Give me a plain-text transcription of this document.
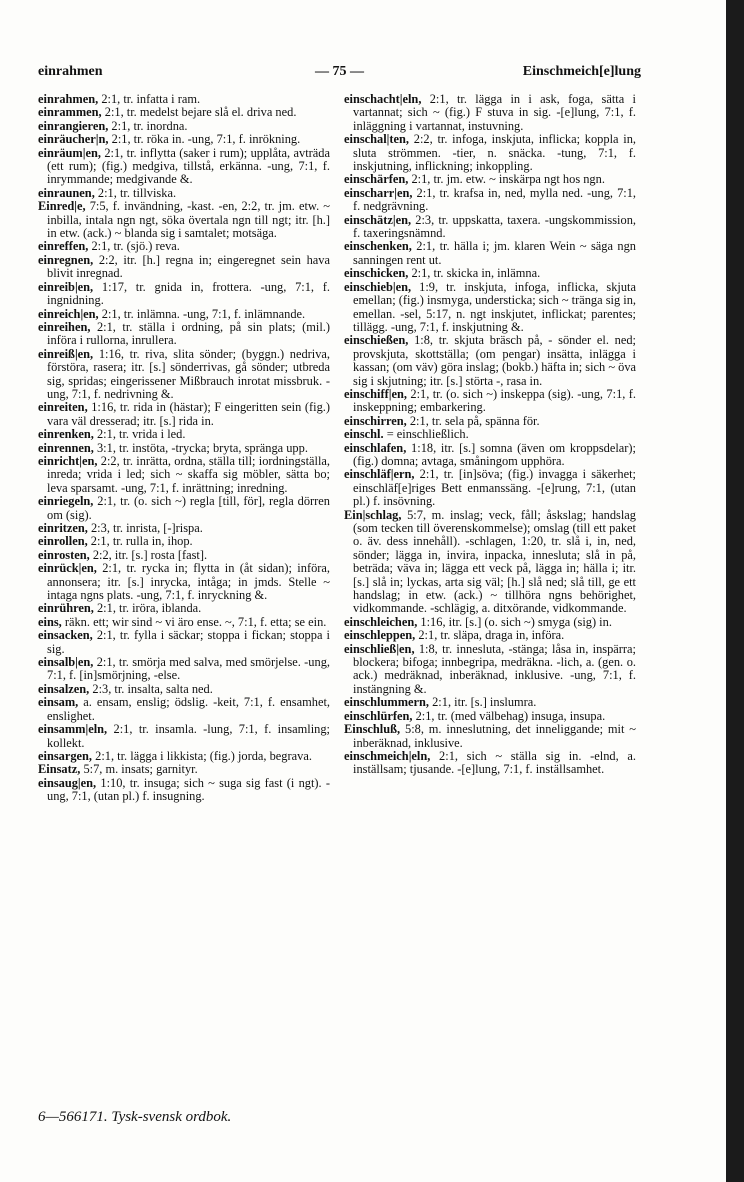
einrahmen	— 75 —	Einschmeich[e]lung
einrahmen, 2:1, tr. infatta i ram.
einrammen, 2:1, tr. medelst bejare slå el. driva ned.
einrangieren, 2:1, tr. inordna.
einräucher|n, 2:1, tr. röka in. -ung, 7:1, f. inrökning.
einräum|en, 2:1, tr. inflytta (saker i rum); upplåta, avträda (ett rum); (fig.) medgiva, tillstå, erkänna. -ung, 7:1, f. inrymmande; medgivande &.
einraunen, 2:1, tr. tillviska.
Einred|e, 7:5, f. invändning, -kast. -en, 2:2, tr. jm. etw. ~ inbilla, intala ngn ngt, söka övertala ngn till ngt; itr. [h.] in etw. (ack.) ~ blanda sig i samtalet; motsäga.
einreffen, 2:1, tr. (sjö.) reva.
einregnen, 2:2, itr. [h.] regna in; eingeregnet sein hava blivit inregnad.
einreib|en, 1:17, tr. gnida in, frottera. -ung, 7:1, f. ingnidning.
einreich|en, 2:1, tr. inlämna. -ung, 7:1, f. inlämnande.
einreihen, 2:1, tr. ställa i ordning, på sin plats; (mil.) införa i rullorna, inrullera.
einreiß|en, 1:16, tr. riva, slita sönder; (byggn.) nedriva, förstöra, rasera; itr. [s.] sönderrivas, gå sönder; utbreda sig, spridas; eingerissener Mißbrauch inrotat missbruk. -ung, 7:1, f. nedrivning &.
einreiten, 1:16, tr. rida in (hästar); F eingeritten sein (fig.) vara väl dresserad; itr. [s.] rida in.
einrenken, 2:1, tr. vrida i led.
einrennen, 3:1, tr. instöta, -trycka; bryta, spränga upp.
einricht|en, 2:2, tr. inrätta, ordna, ställa till; iordningställa, inreda; vrida i led; sich ~ skaffa sig möbler, sätta bo; leva sparsamt. -ung, 7:1, f. inrättning; inredning.
einriegeln, 2:1, tr. (o. sich ~) regla [till, för], regla dörren om (sig).
einritzen, 2:3, tr. inrista, [-]rispa.
einrollen, 2:1, tr. rulla in, ihop.
einrosten, 2:2, itr. [s.] rosta [fast].
einrück|en, 2:1, tr. rycka in; flytta in (åt sidan); införa, annonsera; itr. [s.] inryckа, intåga; in jmds. Stelle ~ intaga ngns plats. -ung, 7:1, f. inryckning &.
einrühren, 2:1, tr. iröra, iblanda.
eins, räkn. ett; wir sind ~ vi äro ense. ~, 7:1, f. etta; se ein.
einsacken, 2:1, tr. fylla i säckar; stoppa i fickan; stoppa i sig.
einsalb|en, 2:1, tr. smörja med salva, med smörjelse. -ung, 7:1, f. [in]smörjning, -else.
einsalzen, 2:3, tr. insalta, salta ned.
einsam, a. ensam, enslig; ödslig. -keit, 7:1, f. ensamhet, enslighet.
einsamm|eln, 2:1, tr. insamla. -lung, 7:1, f. insamling; kollekt.
einsargen, 2:1, tr. lägga i likkista; (fig.) jorda, begrava.
Einsatz, 5:7, m. insats; garnityr.
einsaug|en, 1:10, tr. insuga; sich ~ suga sig fast (i ngt). -ung, 7:1, (utan pl.) f. insugning.
einschacht|eln, 2:1, tr. lägga in i ask, foga, sätta i vartannat; sich ~ (fig.) F stuva in sig. -[e]lung, 7:1, f. inläggning i vartannat, instuvning.
einschal|ten, 2:2, tr. infoga, inskjuta, inflicka; koppla in, sluta strömmen. -tier, n. snäcka. -tung, 7:1, f. inskjutning, inflickning; inkoppling.
einschärfen, 2:1, tr. jm. etw. ~ inskärpa ngt hos ngn.
einscharr|en, 2:1, tr. krafsa in, ned, myllа ned. -ung, 7:1, f. nedgrävning.
einschätz|en, 2:3, tr. uppskatta, taxera. -ungskommission, f. taxeringsnämnd.
einschenken, 2:1, tr. hälla i; jm. klaren Wein ~ säga ngn sanningen rent ut.
einschicken, 2:1, tr. skicka in, inlämna.
einschieb|en, 1:9, tr. inskjuta, infoga, inflicka, skjuta emellan; (fig.) insmyga, understicka; sich ~ tränga sig in, emellan. -sel, 5:17, n. ngt inskjutet, inflickat; parentes; tillägg. -ung, 7:1, f. inskjutning &.
einschießen, 1:8, tr. skjuta bräsch på, - sönder el. ned; provskjuta, skottställa; (om pengar) insätta, inlägga i kassan; (om väv) göra inslag; (bokb.) häfta in; sich ~ öva sig i skjutning; itr. [s.] störta -, rasa in.
einschiff|en, 2:1, tr. (o. sich ~) inskeppa (sig). -ung, 7:1, f. inskeppning; embarkering.
einschirren, 2:1, tr. sela på, spänna för.
einschl. = einschließlich.
einschlafen, 1:18, itr. [s.] somna (även om kroppsdelar); (fig.) domna; avtaga, småningom upphöra.
einschläf|ern, 2:1, tr. [in]söva; (fig.) invagga i säkerhet; einschläf[e]riges Bett enmanssäng. -[e]rung, 7:1, (utan pl.) f. insövning.
Ein|schlag, 5:7, m. inslag; veck, fåll; åskslag; handslag (som tecken till överenskommelse); omslag (till ett paket o. äv. dess innehåll). -schlagen, 1:20, tr. slå i, in, ned, sönder; lägga in, invira, inpacka, inneslutа; slå in på, beträda; väva in; lägga ett veck på, lägga in; hälla i; itr. [s.] slå in; lyckas, arta sig väl; [h.] slå ned; slå till, ge ett handslag; in etw. (ack.) ~ tillhöra ngns behörighet, vidkommande. -schlägig, a. ditхörande, vidkommande.
einschleichen, 1:16, itr. [s.] (o. sich ~) smyga (sig) in.
einschleppen, 2:1, tr. släpa, draga in, införa.
einschließ|en, 1:8, tr. innesluta, -stänga; låsa in, inspärra; blockera; bifoga; innbegripa, medräkna. -lich, a. (gen. o. ack.) medräknad, inberäknad, inklusive. -ung, 7:1, f. instängning &.
einschlummern, 2:1, itr. [s.] inslumra.
einschlürfen, 2:1, tr. (med välbehag) insuga, insupa.
Einschluß, 5:8, m. inneslutning, det inneliggande; mit ~ inberäknad, inklusive.
einschmeich|eln, 2:1, sich ~ ställa sig in. -elnd, a. inställsam; tjusande. -[e]lung, 7:1, f. inställsamhet.
6—566171. Tysk-svensk ordbok.
